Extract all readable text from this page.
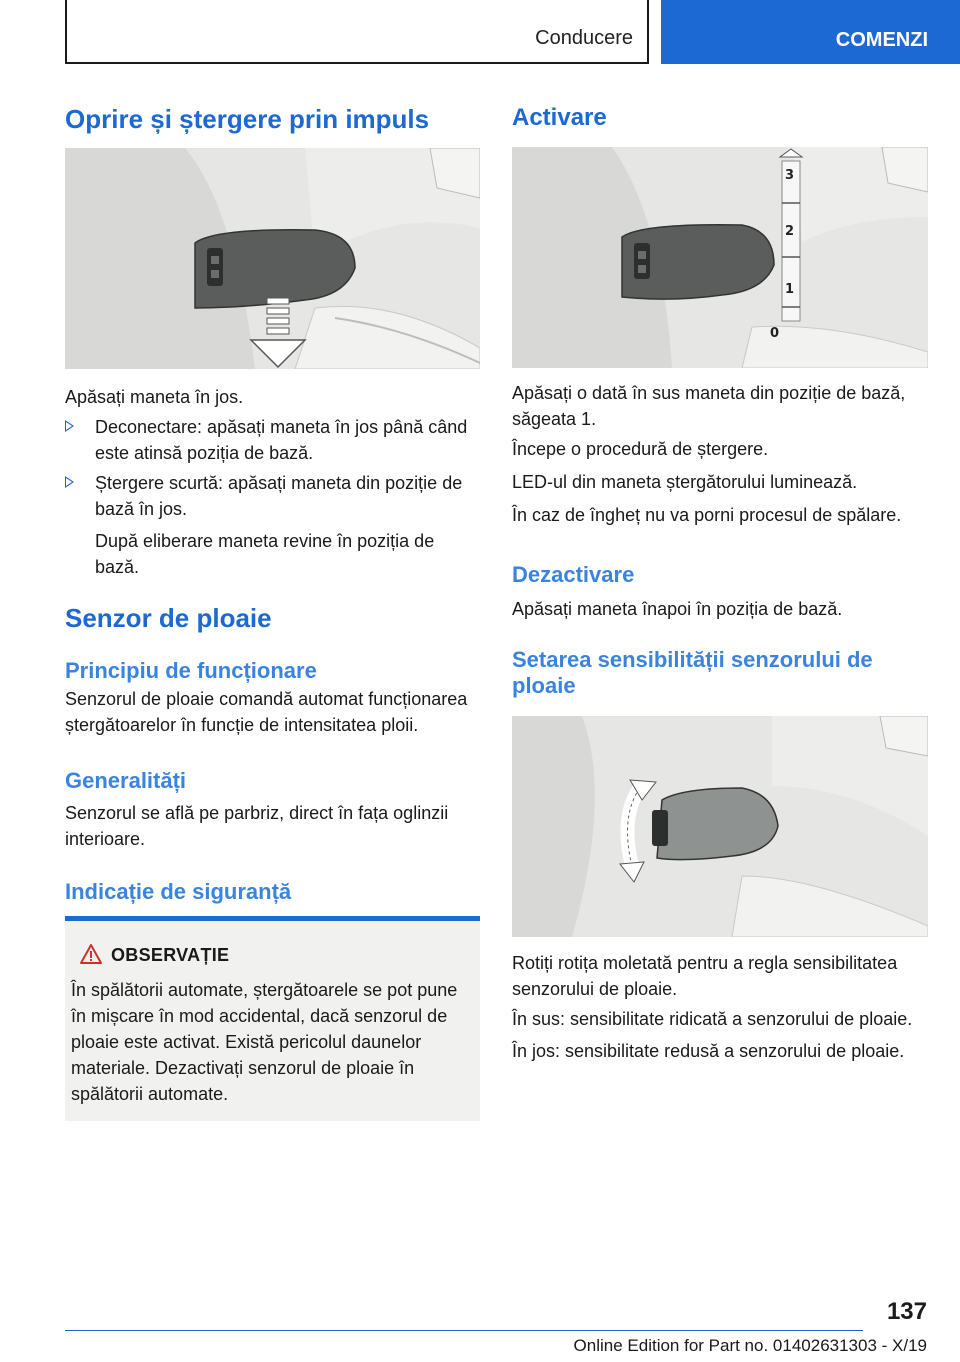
Conducere	COMENZI
Oprire și ștergere prin impuls

Apăsați maneta în jos.

Deconectare: apăsați maneta în jos până când este atinsă poziția de bază.

Ștergere scurtă: apăsați maneta din poziție de bază în jos.

După eliberare maneta revine în poziția de bază.

Senzor de ploaie
Principiu de funcționare

Senzorul de ploaie comandă automat funcționarea ștergătoarelor în funcție de intensitatea ploii.

Generalități

Senzorul se află pe parbriz, direct în fața oglinzii interioare.

Indicație de siguranță
OBSERVAȚIE

În spălătorii automate, ștergătoarele se pot pune în mișcare în mod accidental, dacă senzorul de ploaie este activat. Există pericolul daunelor materiale. Dezactivați senzorul de ploaie în spălătorii automate.

Activare
3
2
1
0

Apăsați o dată în sus maneta din poziție de bază, săgeata 1.

Începe o procedură de ștergere.

LED-ul din maneta ștergătorului luminează.

În caz de îngheț nu va porni procesul de spălare.

Dezactivare

Apăsați maneta înapoi în poziția de bază.

Setarea sensibilității senzorului de ploaie

Rotiți rotița moletată pentru a regla sensibilitatea senzorului de ploaie.

În sus: sensibilitate ridicată a senzorului de ploaie.

În jos: sensibilitate redusă a senzorului de ploaie.

137
Online Edition for Part no. 01402631303 - X/19
